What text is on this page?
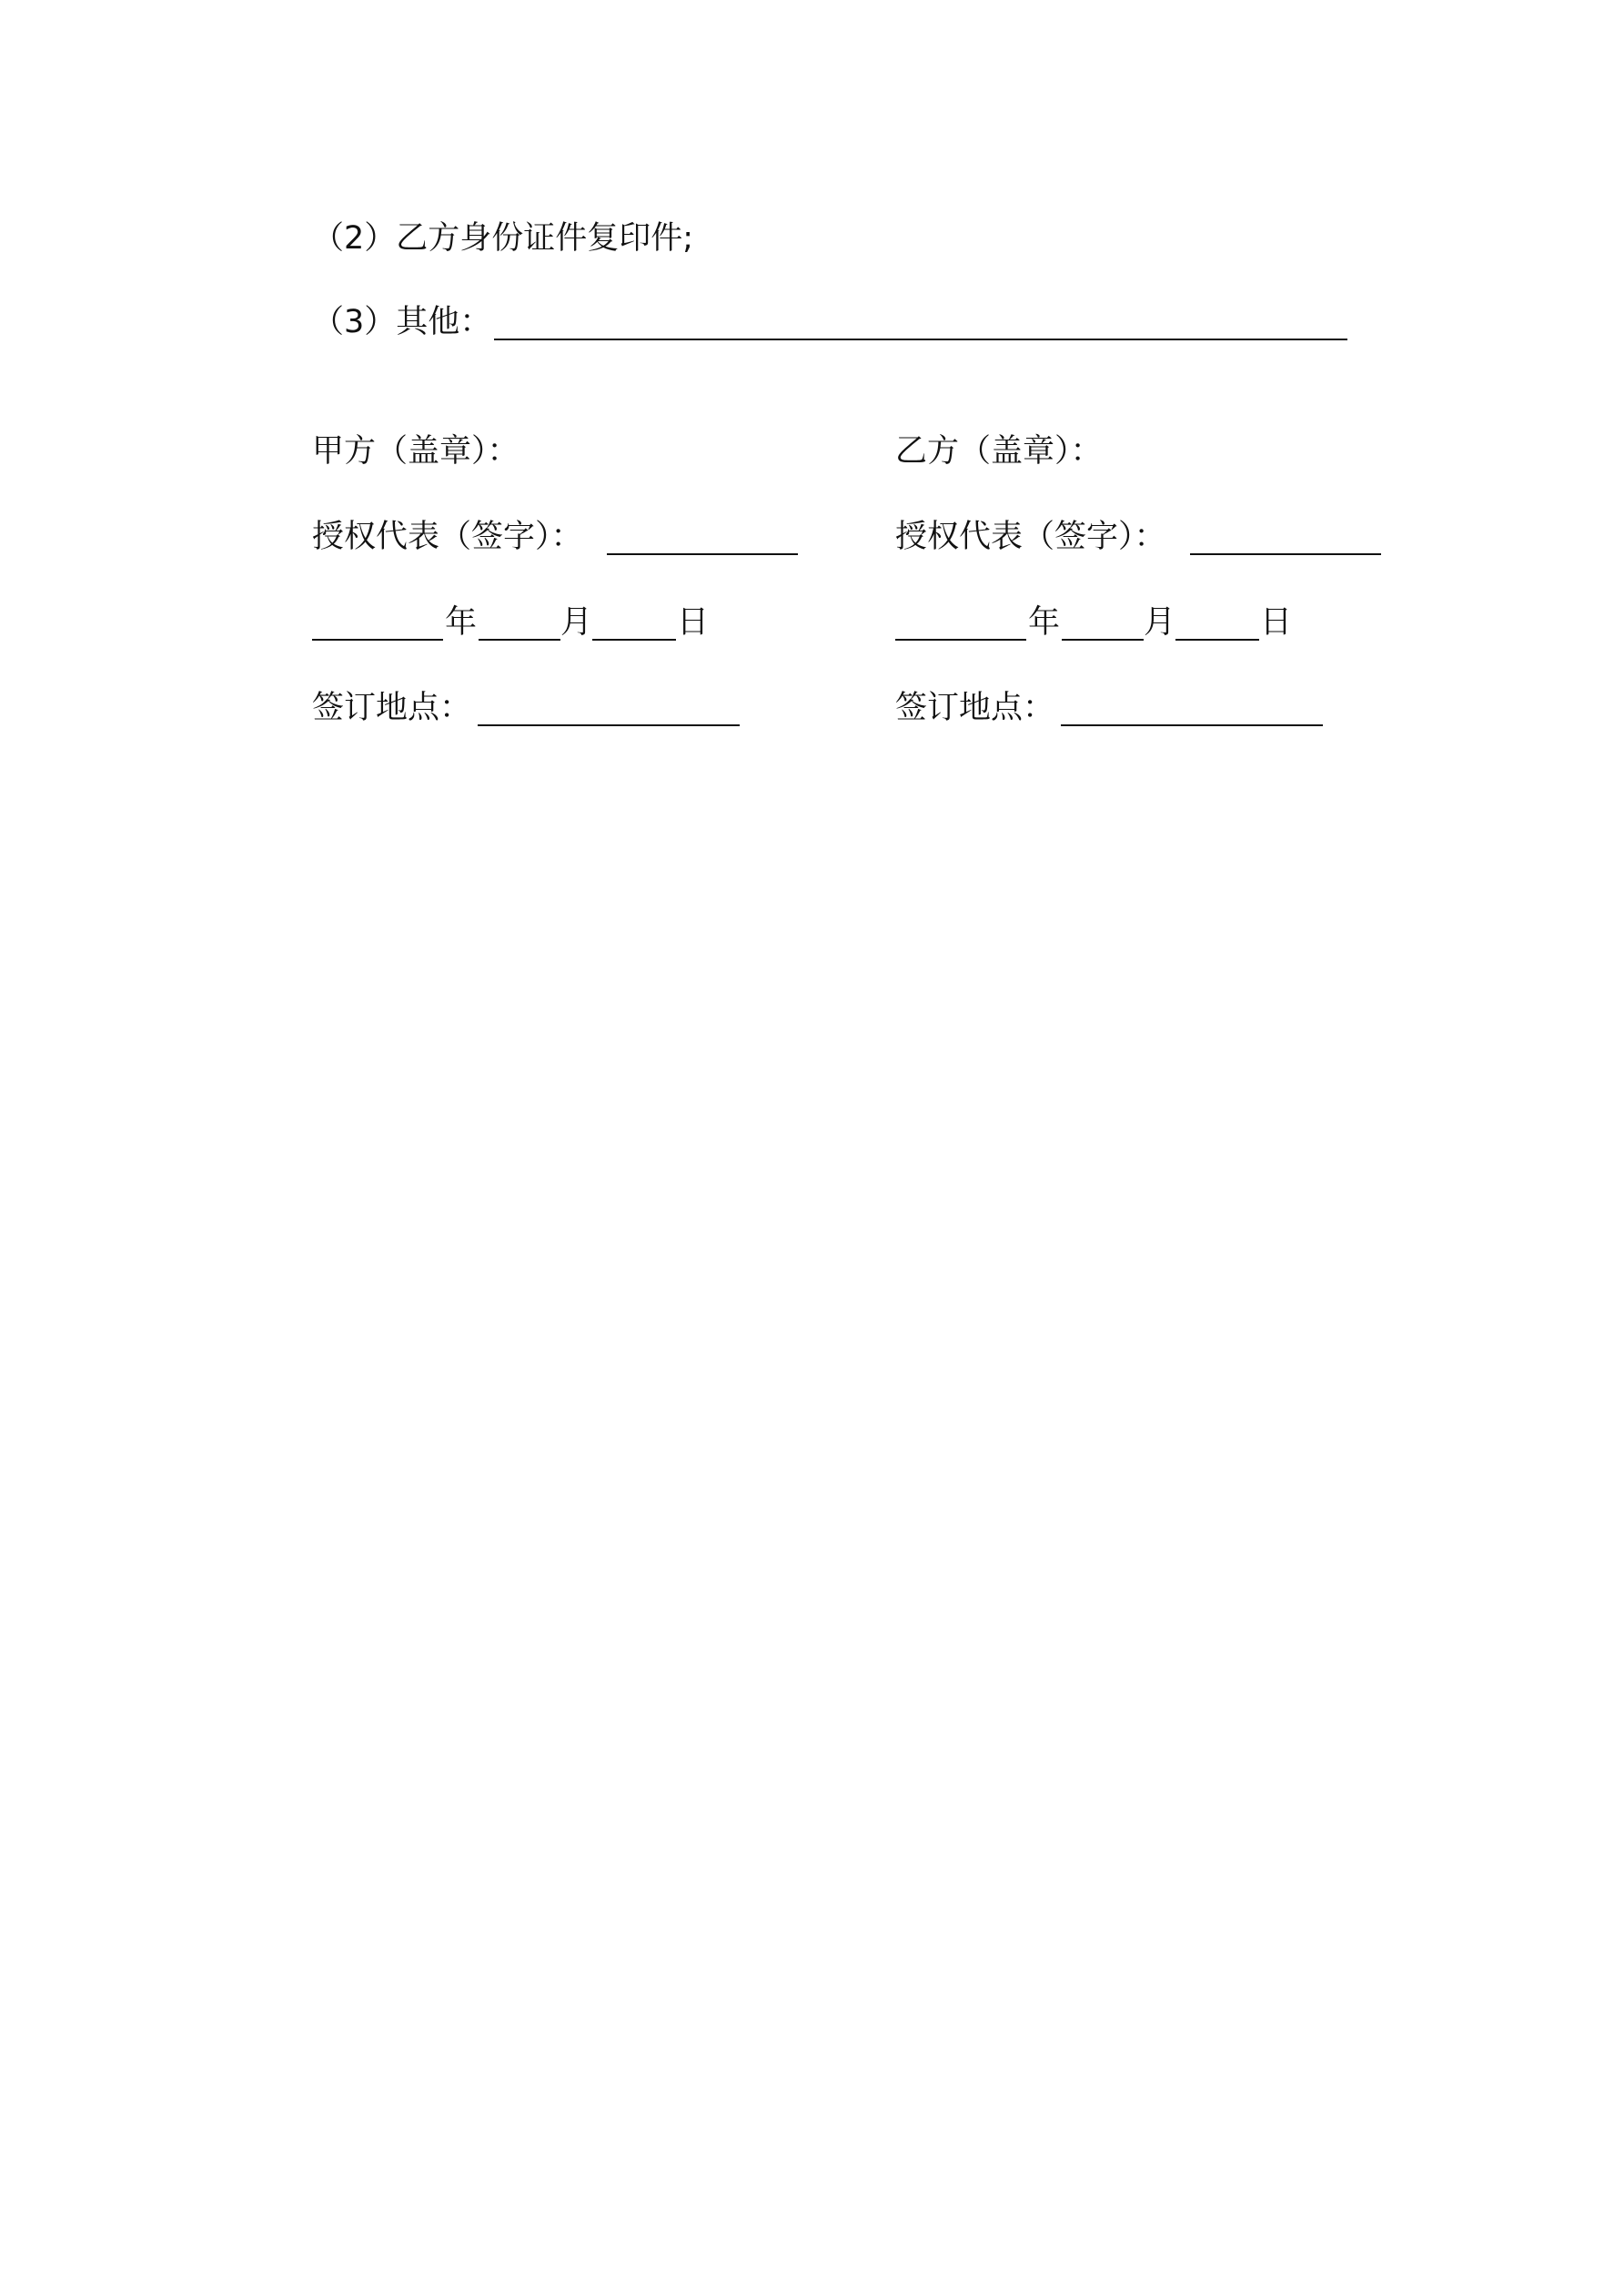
（2）乙方身份证件复印件;
（3）其他：
甲方（盖章）：
授权代表（签字）：
年	月	日
签订地点：
乙方（盖章）：
授权代表（签字）：
年	月	日
签订地点：
